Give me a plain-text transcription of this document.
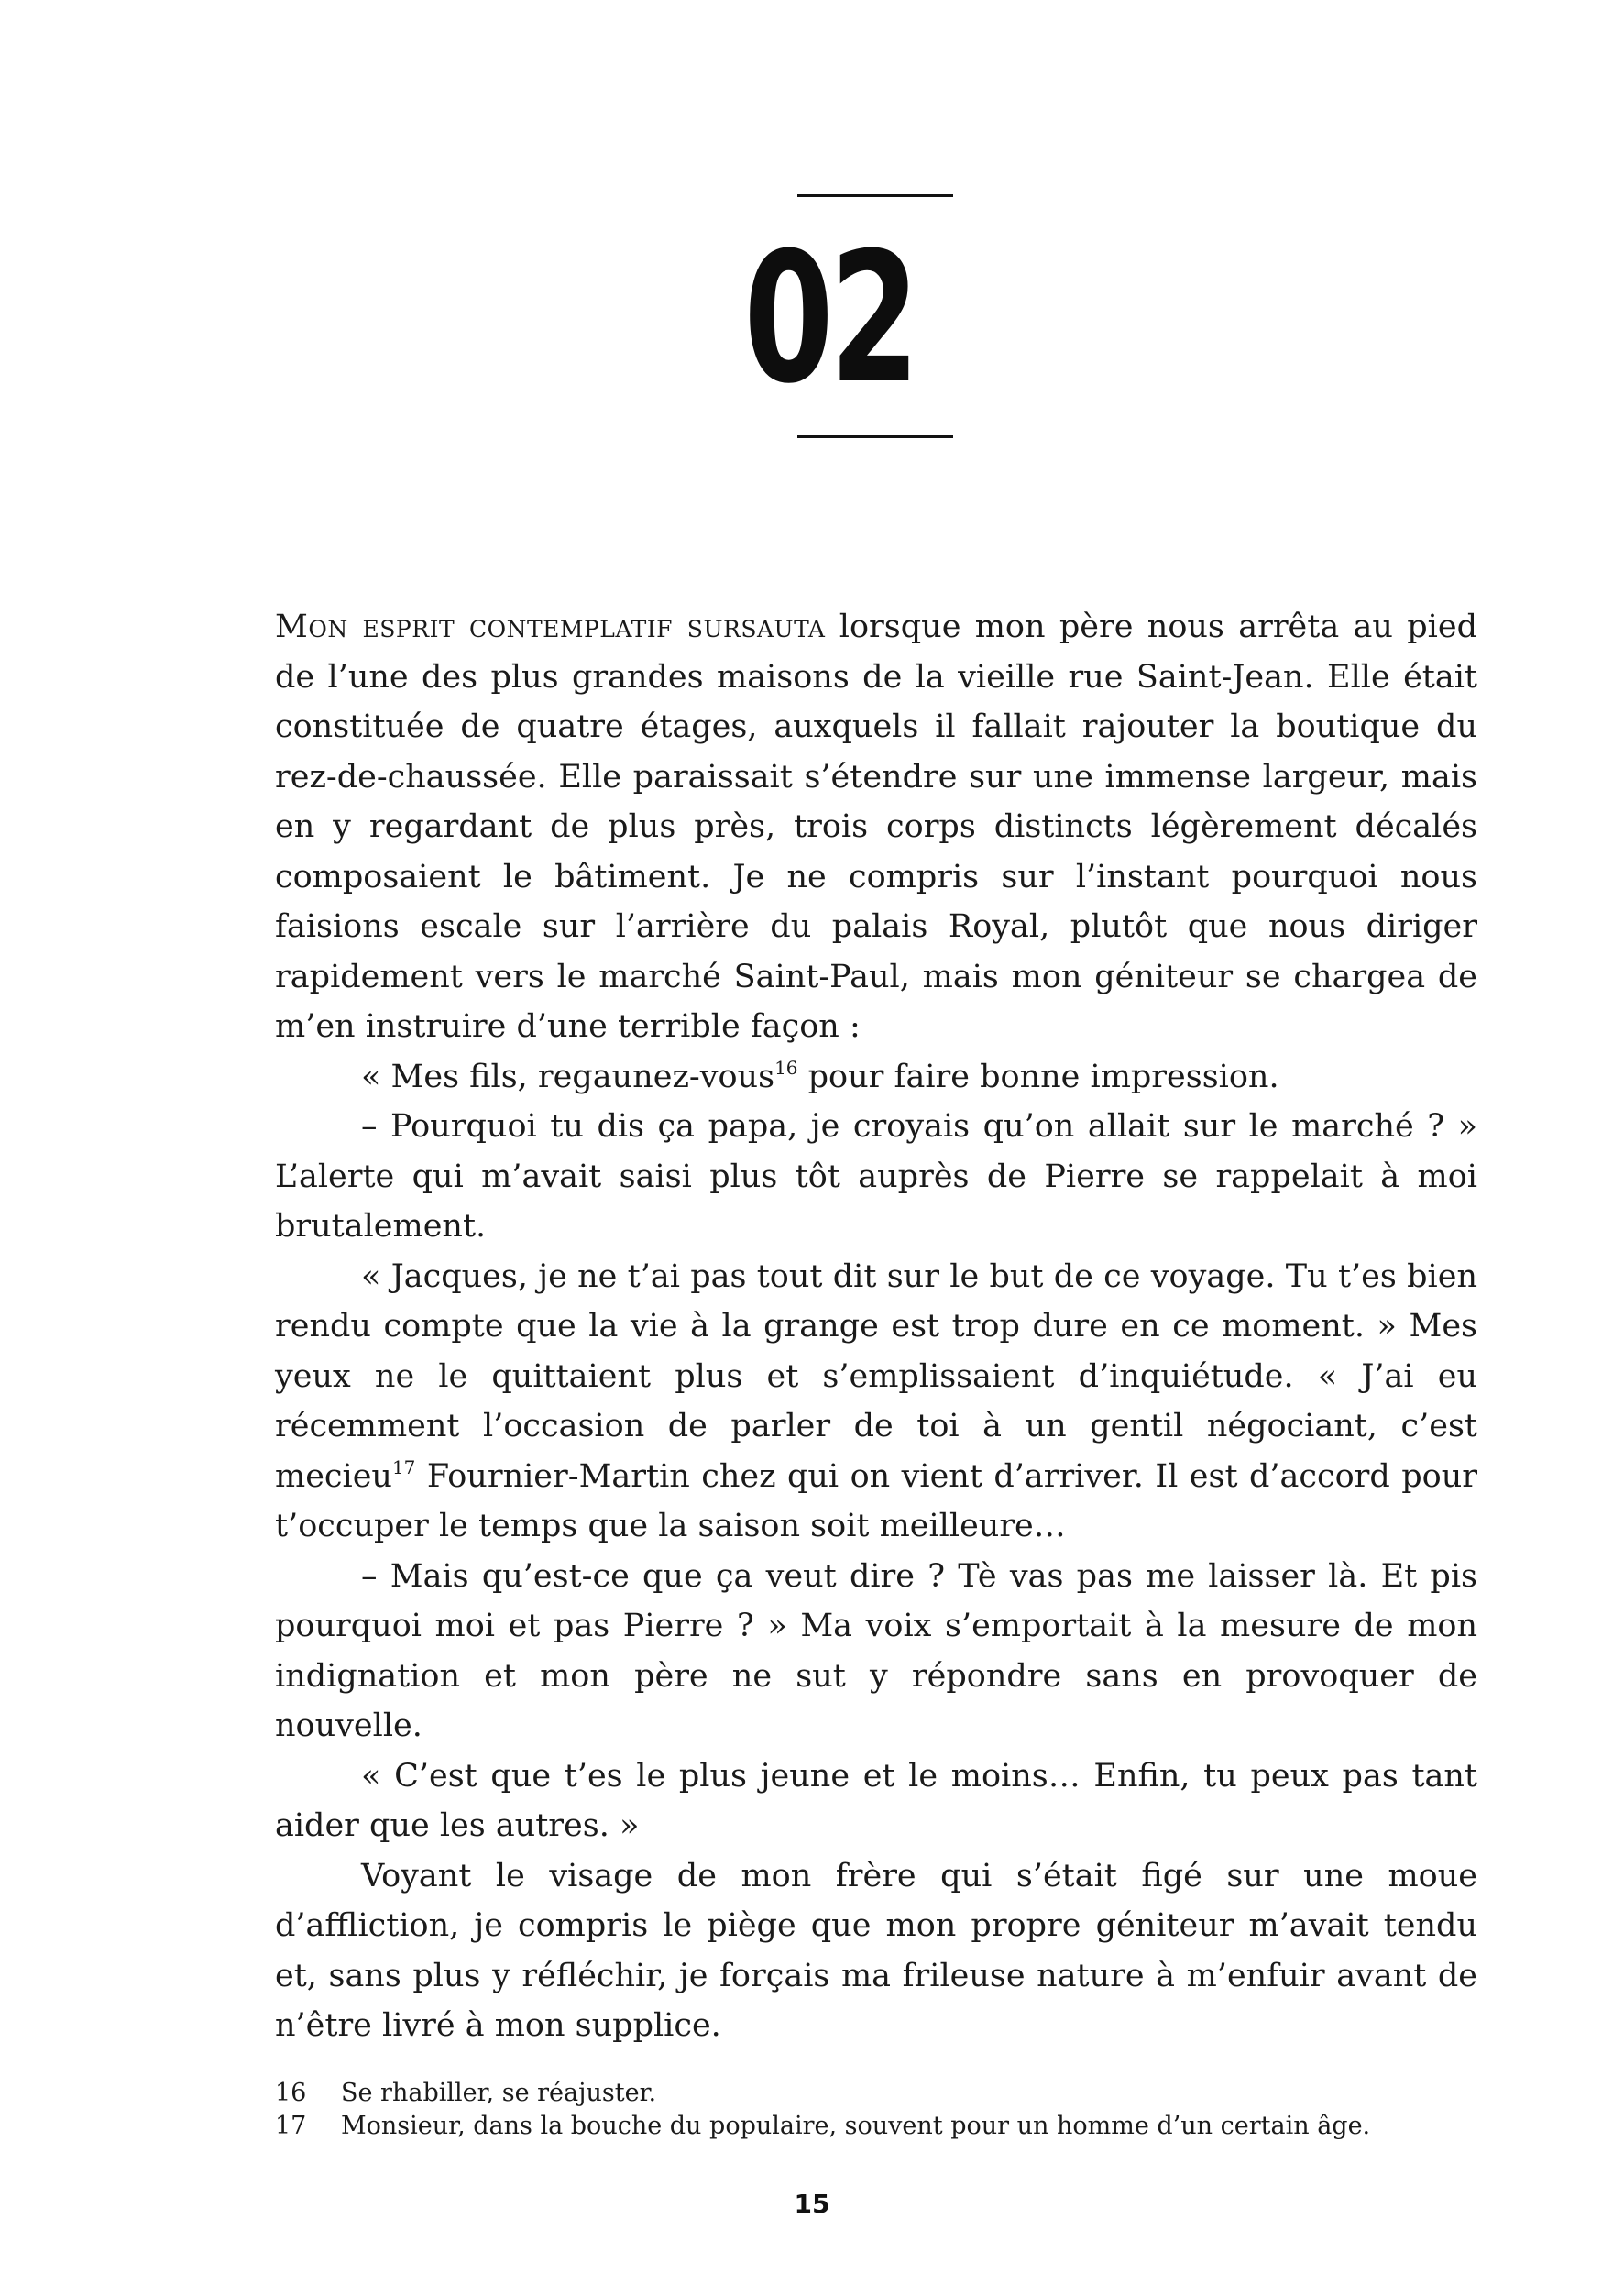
02

Mon esprit contemplatif sursauta lorsque mon père nous arrêta au pied de l’une des plus grandes maisons de la vieille rue Saint-Jean. Elle était constituée de quatre étages, auxquels il fallait rajouter la boutique du rez-de-chaussée. Elle paraissait s’étendre sur une immense largeur, mais en y regardant de plus près, trois corps distincts légèrement décalés composaient le bâtiment. Je ne compris sur l’instant pourquoi nous faisions escale sur l’arrière du palais Royal, plutôt que nous diriger rapidement vers le marché Saint-Paul, mais mon géniteur se chargea de m’en instruire d’une terrible façon :

« Mes fils, regaunez-vous$^{16}$ pour faire bonne impression.

– Pourquoi tu dis ça papa, je croyais qu’on allait sur le marché ? » L’alerte qui m’avait saisi plus tôt auprès de Pierre se rappelait à moi brutalement.

« Jacques, je ne t’ai pas tout dit sur le but de ce voyage. Tu t’es bien rendu compte que la vie à la grange est trop dure en ce moment. » Mes yeux ne le quittaient plus et s’emplissaient d’inquiétude. « J’ai eu récemment l’occasion de parler de toi à un gentil négociant, c’est mecieu$^{17}$ Fournier-Martin chez qui on vient d’arriver. Il est d’accord pour t’occuper le temps que la saison soit meilleure…

– Mais qu’est-ce que ça veut dire ? Tè vas pas me laisser là. Et pis pourquoi moi et pas Pierre ? » Ma voix s’emportait à la mesure de mon indignation et mon père ne sut y répondre sans en provoquer de nouvelle.

« C’est que t’es le plus jeune et le moins… Enfin, tu peux pas tant aider que les autres. »

Voyant le visage de mon frère qui s’était figé sur une moue d’affliction, je compris le piège que mon propre géniteur m’avait tendu et, sans plus y réfléchir, je forçais ma frileuse nature à m’enfuir avant de n’être livré à mon supplice.

16	Se rhabiller, se réajuster.
17	Monsieur, dans la bouche du populaire, souvent pour un homme d’un certain âge.
15
